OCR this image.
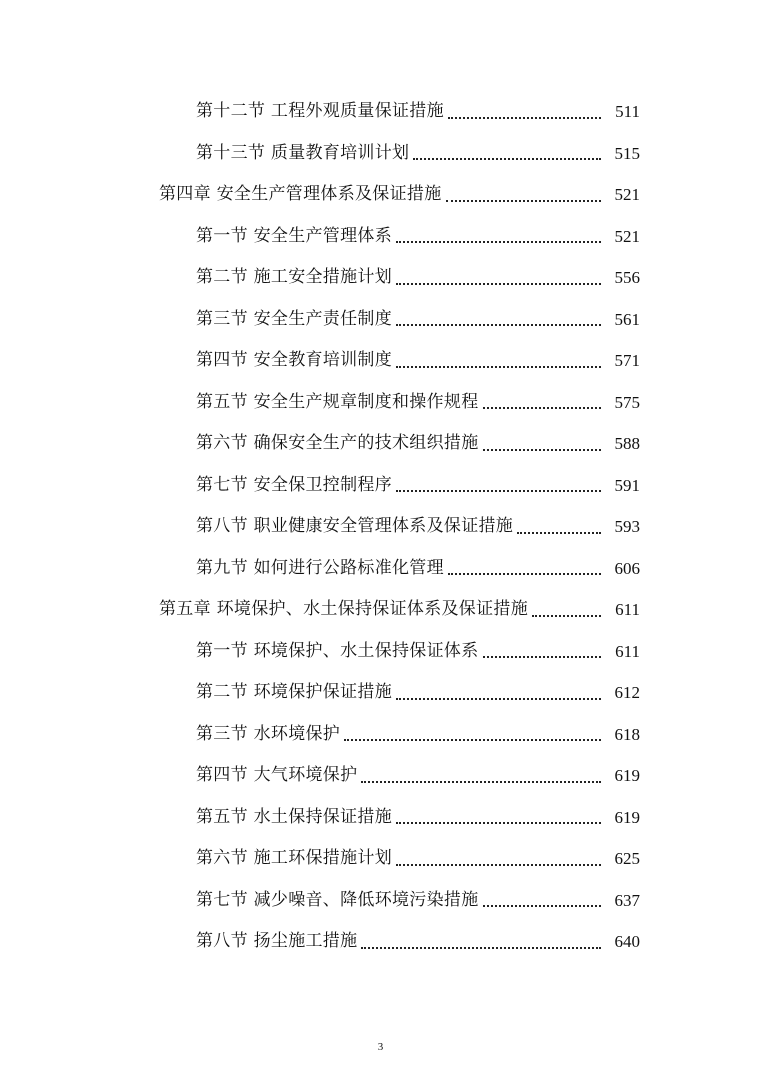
第十二节 工程外观质量保证措施	511
第十三节 质量教育培训计划	515
第四章 安全生产管理体系及保证措施	521
第一节 安全生产管理体系	521
第二节 施工安全措施计划	556
第三节 安全生产责任制度	561
第四节 安全教育培训制度	571
第五节 安全生产规章制度和操作规程	575
第六节 确保安全生产的技术组织措施	588
第七节 安全保卫控制程序	591
第八节 职业健康安全管理体系及保证措施	593
第九节 如何进行公路标准化管理	606
第五章 环境保护、水土保持保证体系及保证措施	611
第一节 环境保护、水土保持保证体系	611
第二节 环境保护保证措施	612
第三节 水环境保护	618
第四节 大气环境保护	619
第五节 水土保持保证措施	619
第六节 施工环保措施计划	625
第七节 减少噪音、降低环境污染措施	637
第八节 扬尘施工措施	640
3
